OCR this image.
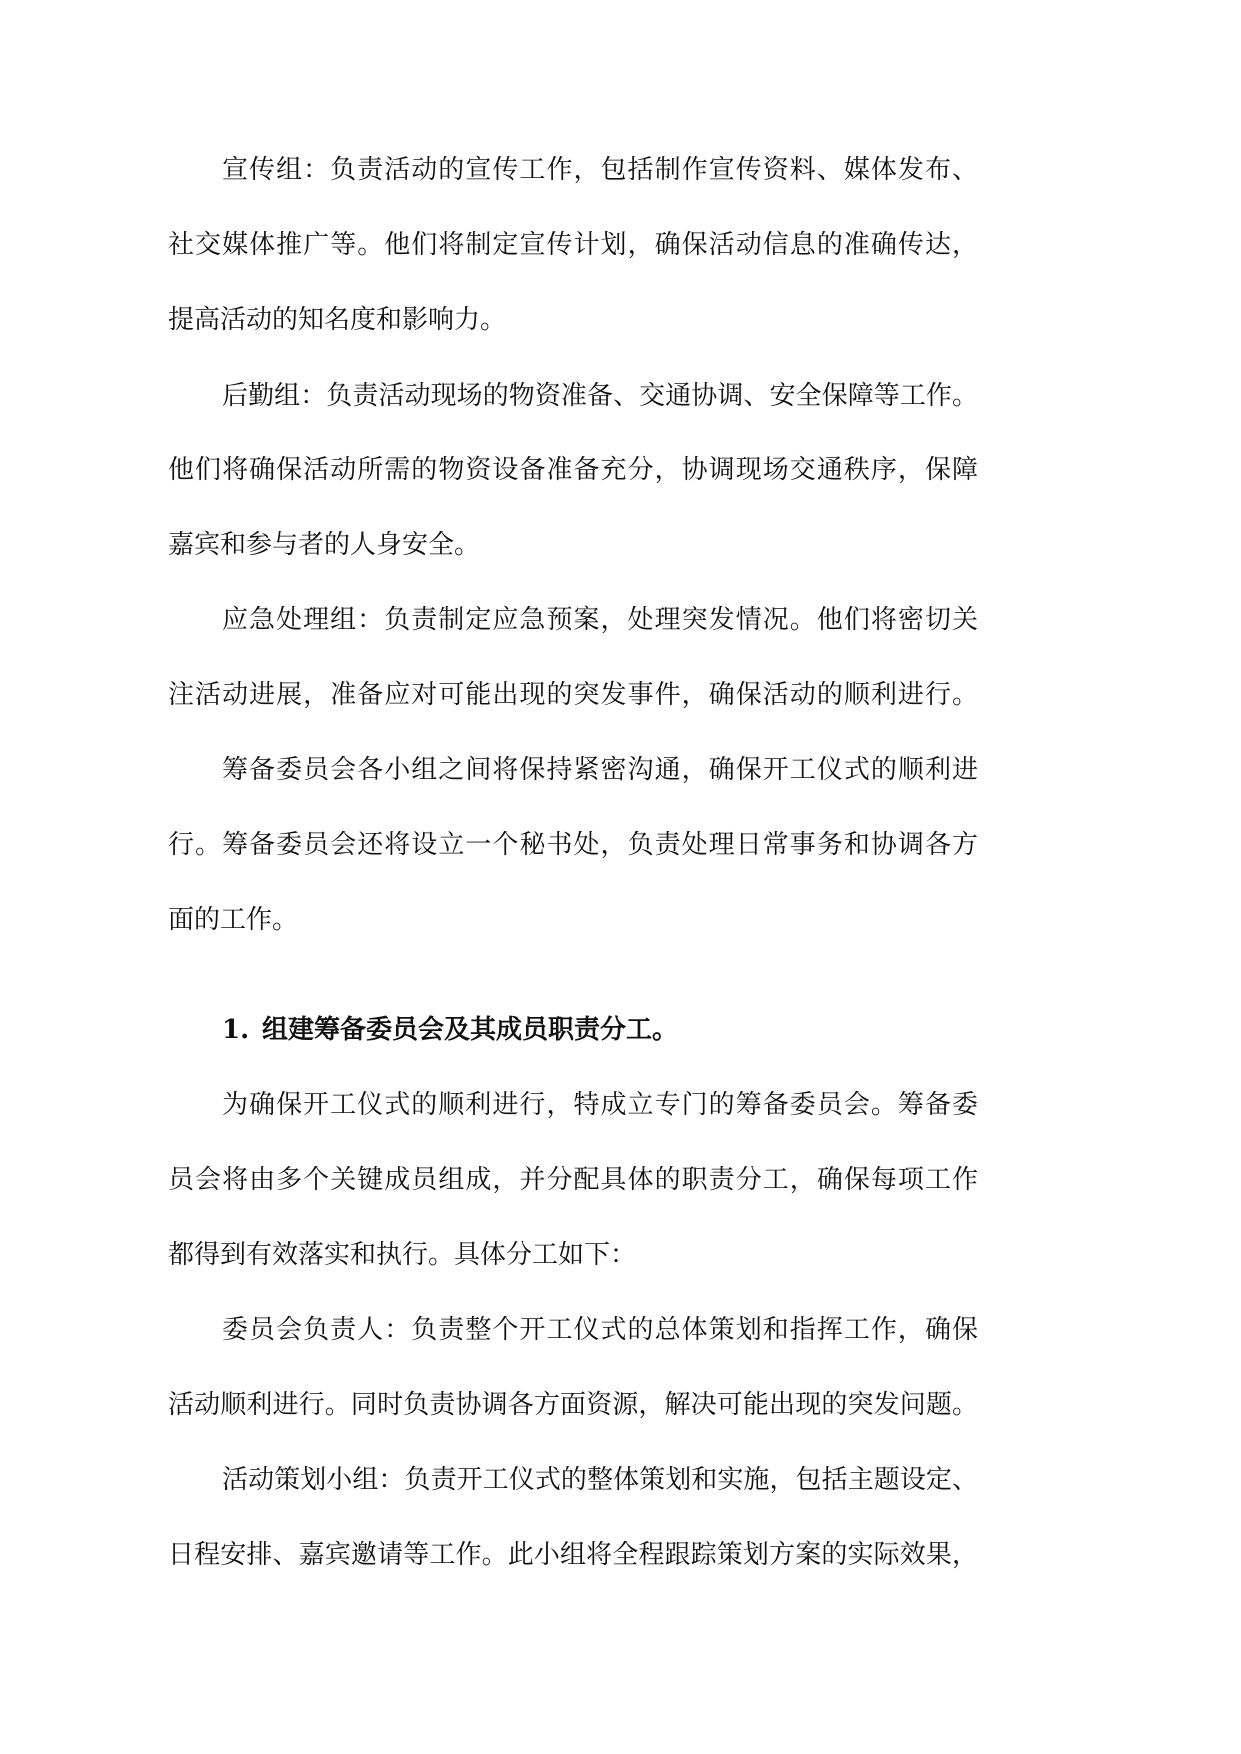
宣传组：负责活动的宣传工作，包括制作宣传资料、媒体发布、
社交媒体推广等。他们将制定宣传计划，确保活动信息的准确传达，
提高活动的知名度和影响力。
后勤组：负责活动现场的物资准备、交通协调、安全保障等工作。
他们将确保活动所需的物资设备准备充分，协调现场交通秩序，保障
嘉宾和参与者的人身安全。
应急处理组：负责制定应急预案，处理突发情况。他们将密切关
注活动进展，准备应对可能出现的突发事件，确保活动的顺利进行。
筹备委员会各小组之间将保持紧密沟通，确保开工仪式的顺利进
行。筹备委员会还将设立一个秘书处，负责处理日常事务和协调各方
面的工作。
1. 组建筹备委员会及其成员职责分工。
为确保开工仪式的顺利进行，特成立专门的筹备委员会。筹备委
员会将由多个关键成员组成，并分配具体的职责分工，确保每项工作
都得到有效落实和执行。具体分工如下：
委员会负责人：负责整个开工仪式的总体策划和指挥工作，确保
活动顺利进行。同时负责协调各方面资源，解决可能出现的突发问题。
活动策划小组：负责开工仪式的整体策划和实施，包括主题设定、
日程安排、嘉宾邀请等工作。此小组将全程跟踪策划方案的实际效果，
